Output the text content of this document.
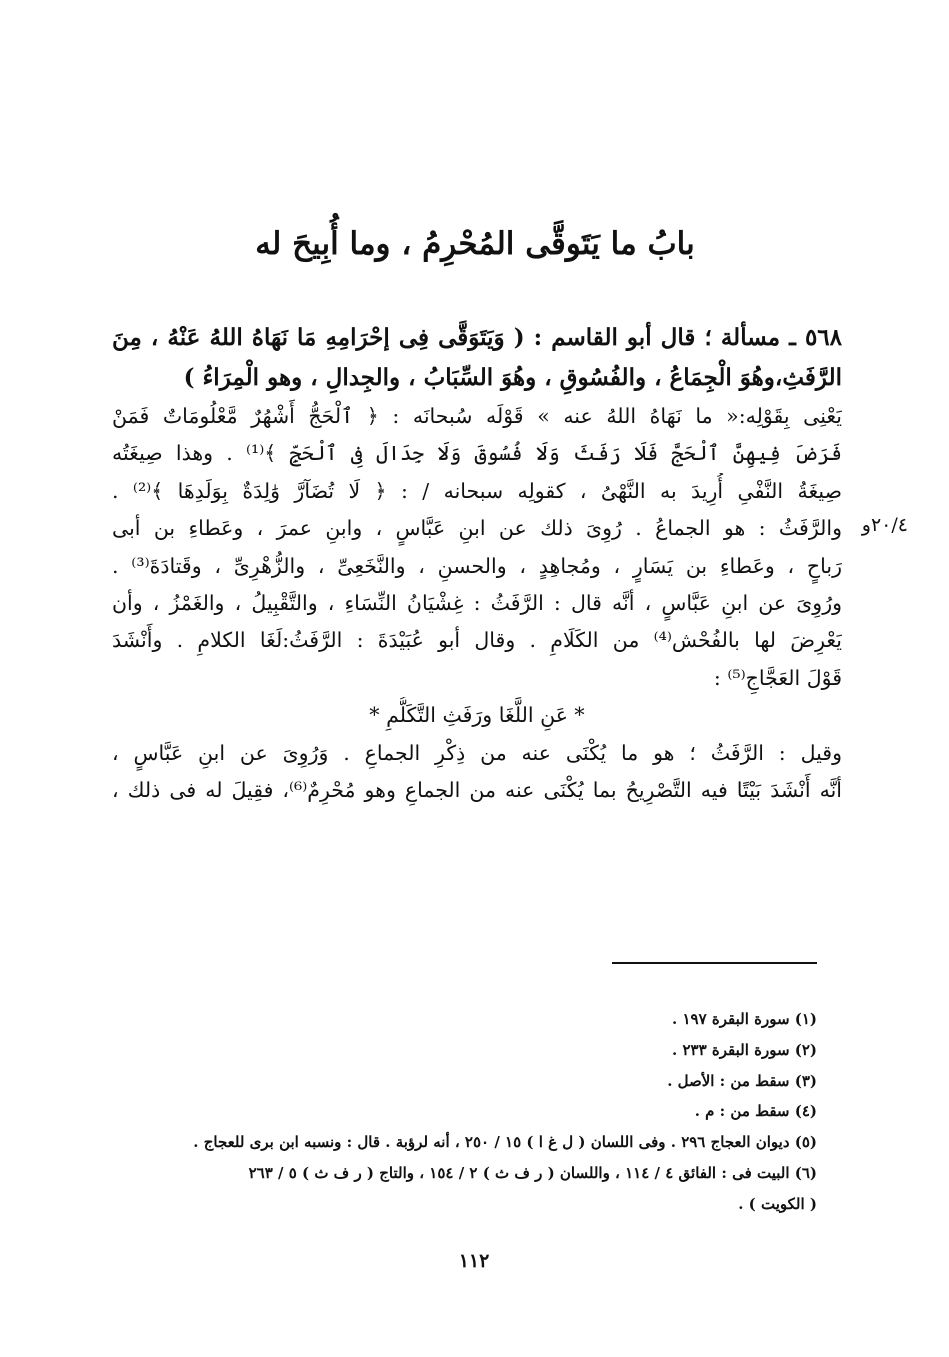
بابُ ما يَتَوقَّى المُحْرِمُ ، وما أُبِيحَ له
٢٠/٤و
٥٦٨ ـ مسألة ؛ قال أبو القاسم : ( وَيَتَوَقَّى فِى إحْرَامِهِ مَا نَهَاهُ اللهُ عَنْهُ ، مِنَ
الرَّفَثِ،وهُوَ الْجِمَاعُ ، والفُسُوقِ ، وهُوَ السِّبَابُ ، والجِدالِ ، وهو الْمِرَاءُ )
يَعْنِى بِقَوْلِه:« ما نَهَاهُ اللهُ عنه » قَوْلَه سُبحانَه : ﴿ ٱلْحَجُّ أَشْهُرٌ مَّعْلُومَاتٌ فَمَنْ
فَرَضَ فِيهِنَّ ٱلْحَجَّ فَلَا رَفَثَ وَلَا فُسُوقَ وَلَا جِدَالَ فِى ٱلْحَجِّ ﴾⁽¹⁾ . وهذا صِيغَتُه
صِيغَةُ النَّفْىِ أُرِيدَ به النَّهْىُ ، كقولِه سبحانه / : ﴿ لَا تُضَآرَّ وَٰلِدَةٌ بِوَلَدِهَا ﴾⁽²⁾ .
والرَّفَثُ : هو الجماعُ . رُوِىَ ذلك عن ابنِ عَبَّاسٍ ، وابنِ عمرَ ، وعَطاءِ بن أبى
رَباحٍ ، وعَطاءِ بن يَسَارٍ ، ومُجاهِدٍ ، والحسنِ ، والنَّخَعِىِّ ، والزُّهْرِىِّ ، وقَتادَةَ⁽³⁾ .
ورُوِىَ عن ابنِ عَبَّاسٍ ، أنَّه قال : الرَّفَثُ : غِشْيَانُ النِّسَاءِ ، والتَّقْبِيلُ ، والغَمْزُ ، وأن
يَعْرِضَ لها بالفُحْش⁽⁴⁾ من الكَلَامِ . وقال أبو عُبَيْدَةَ : الرَّفَثُ:لَغَا الكلامِ . وأَنْشَدَ
قَوْلَ العَجَّاجِ⁽⁵⁾ :
* عَنِ اللَّغَا ورَفَثِ التَّكَلُّمِ *
وقيل : الرَّفَثُ ؛ هو ما يُكْنَى عنه من ذِكْرِ الجماعِ . وَرُوِىَ عن ابنِ عَبَّاسٍ ،
أنَّه أَنْشَدَ بَيْتًا فيه التَّصْرِيحُ بما يُكْنَى عنه من الجماعِ وهو مُحْرِمٌ⁽⁶⁾، فقِيلَ له فى ذلك ،
(١) سورة البقرة ١٩٧ .
(٢) سورة البقرة ٢٣٣ .
(٣) سقط من : الأصل .
(٤) سقط من : م .
(٥) ديوان العجاج ٢٩٦ . وفى اللسان ( ل غ ا ) ١٥ / ٢٥٠ ، أنه لرؤبة . قال : ونسبه ابن برى للعجاج .
(٦) البيت فى : الفائق ٤ / ١١٤ ، واللسان ( ر ف ث ) ٢ / ١٥٤ ، والتاج ( ر ف ث ) ٥ / ٢٦٣
( الكويت ) .
١١٢
